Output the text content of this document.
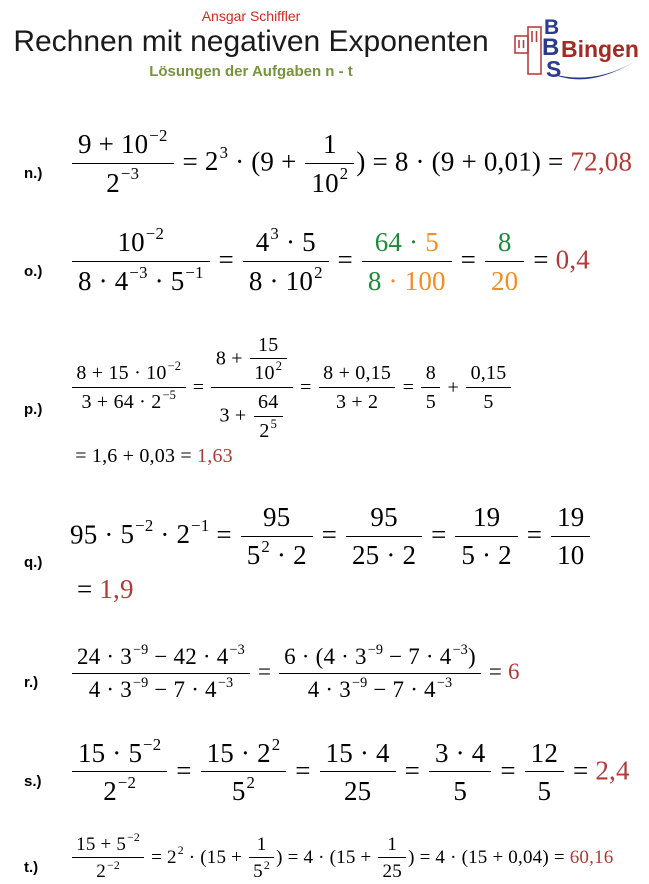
Ansgar Schiffler
Rechnen mit negativen Exponenten
Lösungen der Aufgaben n - t
B
B
S
Bingen
n.)	$\frac{9 + 10^{-2}}{2^{-3}} = 2^3 \cdot (9 + \frac{1}{10^2}$ ) = 8 · (9 + 0,01) = 72,08
o.)	$\frac{10^{-2}}{8 \cdot 4^{-3} \cdot 5^{-1}} = \frac{4^3 \cdot 5}{8 \cdot 10^2} = \frac{64 \cdot 5}{8 \cdot 100} = \frac{8}{20} = 0,4$
p.)	$\frac{8 + 15 \cdot 10^{-2}}{3 + 64 \cdot 2^{-5}} = \frac{8 + \frac{15}{10^2}}{3 + \frac{64}{2^5}} = \frac{8 + 0,15}{3 + 2} = \frac{8}{5} + \frac{0,15}{5}$
= 1,6 + 0,03 = 1,63
q.)
$95 \cdot 5^{-2} \cdot 2^{-1} = \frac{95}{5^2 \cdot 2} = \frac{95}{25 \cdot 2} = \frac{19}{5 \cdot 2} = \frac{19}{10}$
= 1,9
r.)	$\frac{24 \cdot 3^{-9} - 42 \cdot 4^{-3}}{4 \cdot 3^{-9} - 7 \cdot 4^{-3}} = \frac{6 \cdot (4 \cdot 3^{-9} - 7 \cdot 4^{-3})}{4 \cdot 3^{-9} - 7 \cdot 4^{-3}} = 6$
s.)	$\frac{15 \cdot 5^{-2}}{2^{-2}} = \frac{15 \cdot 2^2}{5^2} = \frac{15 \cdot 4}{25} = \frac{3 \cdot 4}{5} = \frac{12}{5} = 2,4$
t.)	$\frac{15 + 5^{-2}}{2^{-2}} = 2^2 \cdot (15 + \frac{1}{5^2}$ ) = $4 \cdot (15 + \frac{1}{25}$ ) = 4 · (15 + 0,04) = 60,16
